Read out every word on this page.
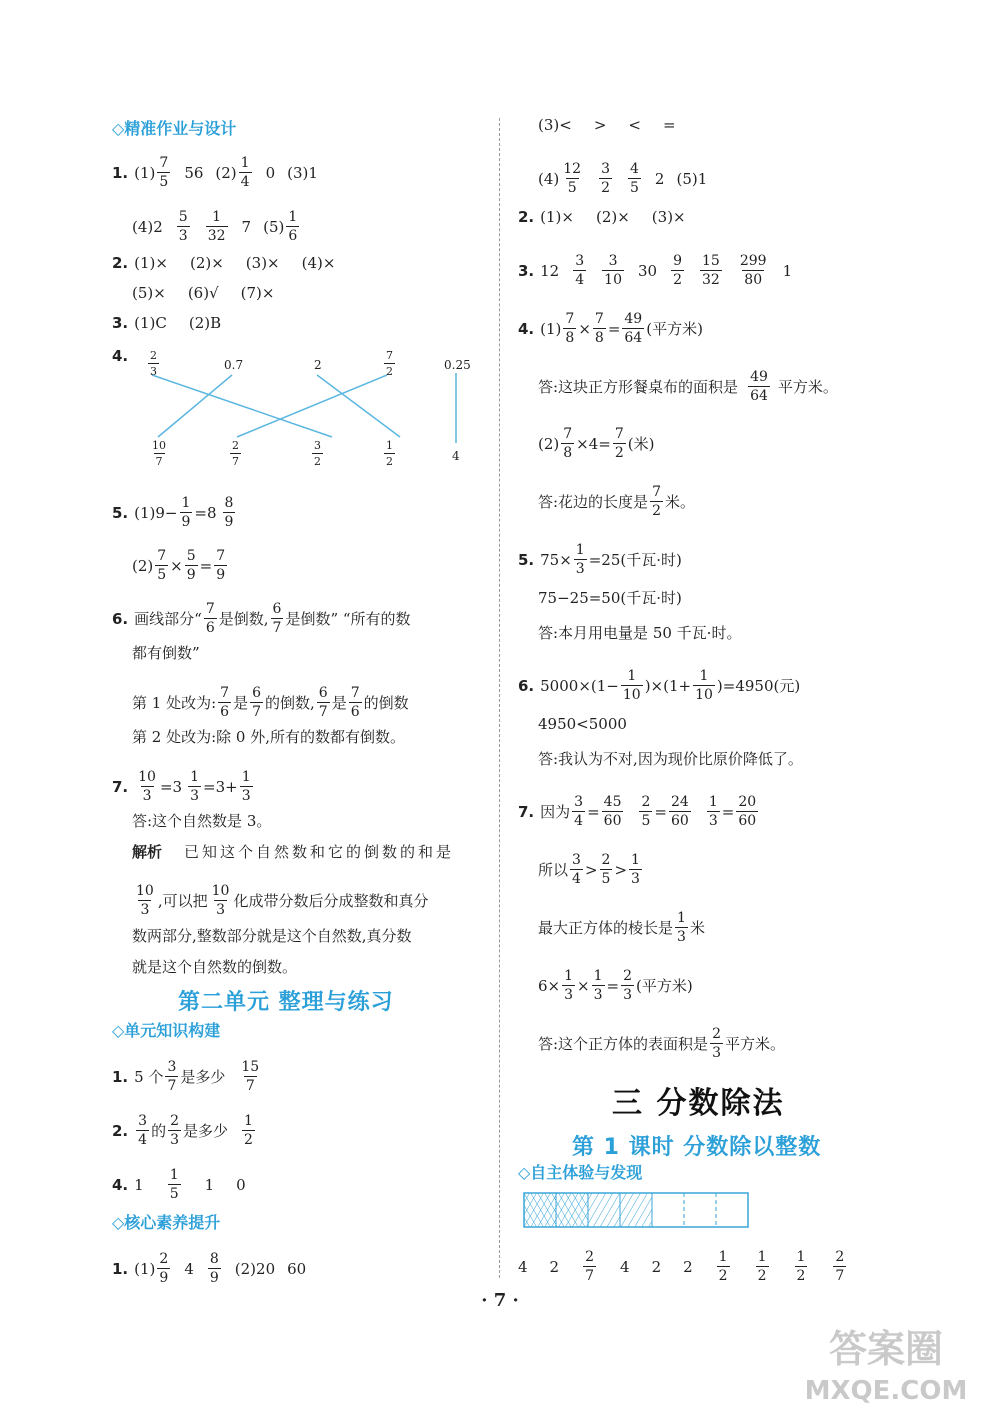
◇精准作业与设计
1. $(1) \frac{7}{5} 56$ $(2) \frac{1}{4} 0$ (3)1
$(4)2 \frac{5}{3} \frac{1}{32} 7$ $(5) \frac{1}{6}$
2. (1)× (2)× (3)× (4)×
(5)× (6)√ (7)×
3. (1)C (2)B
4. $\frac{2}{3}$	0.7	2	$\frac{7}{2}$	0.25
$\frac{10}{7}$	$\frac{2}{7}$	$\frac{3}{2}$	$\frac{1}{2}$	4
5. $(1)9- \frac{1}{9} =8 \frac{8}{9}$
$(2) \frac{7}{5} \times \frac{5}{9} = \frac{7}{9}$
6. 画线部分“ $\frac{7}{6}$ 是倒数, $\frac{6}{7}$ 是倒数” “所有的数
都有倒数”
第 1 处改为: $\frac{7}{6}$ 是 $\frac{6}{7}$ 的倒数, $\frac{6}{7}$ 是 $\frac{7}{6}$ 的倒数
第 2 处改为:除 0 外,所有的数都有倒数。
7. $\frac{10}{3} =3 \frac{1}{3} =3+ \frac{1}{3}$
答:这个自然数是 3。
解析 已知这个自然数和它的倒数的和是
$\frac{10}{3}$ ,可以把 $\frac{10}{3}$ 化成带分数后分成整数和真分
数两部分,整数部分就是这个自然数,真分数
就是这个自然数的倒数。
第二单元 整理与练习
◇单元知识构建
1. 5 个 $\frac{3}{7}$ 是多少 $\frac{15}{7}$
2. $\frac{3}{4}$ 的 $\frac{2}{3}$ 是多少 $\frac{1}{2}$
4. $1 \frac{1}{5} 1$ 0
◇核心素养提升
1. $(1) \frac{2}{9} 4 \frac{8}{9} (2)20$ 60
(3)< > < =
$(4) \frac{12}{5} \frac{3}{2} \frac{4}{5} 2$ (5)1
2. (1)× (2)× (3)×
3. $12 \frac{3}{4} \frac{3}{10} 30 \frac{9}{2} \frac{15}{32} \frac{299}{80} 1$
4. $(1) \frac{7}{8} \times \frac{7}{8} = \frac{49}{64}$ (平方米)
答:这块正方形餐桌布的面积是 $\frac{49}{64}$ 平方米。
$(2) \frac{7}{8} \times 4= \frac{7}{2}$ (米)
答:花边的长度是 $\frac{7}{2}$ 米。
5. $75\times \frac{1}{3} =25$(千瓦·时)
75−25=50(千瓦·时)
答:本月用电量是 50 千瓦·时。
6. $5000\times(1- \frac{1}{10} )\times(1+ \frac{1}{10} )=4950$(元)
4950<5000
答:我认为不对,因为现价比原价降低了。
7. 因为 $\frac{3}{4} = \frac{45}{60} \frac{2}{5} = \frac{24}{60} \frac{1}{3} = \frac{20}{60}$
所以 $\frac{3}{4} > \frac{2}{5} > \frac{1}{3}$
最大正方体的棱长是 $\frac{1}{3}$ 米
$6\times \frac{1}{3} \times \frac{1}{3} = \frac{2}{3}$ (平方米)
答:这个正方体的表面积是 $\frac{2}{3}$ 平方米。
三 分数除法
第 1 课时 分数除以整数
◇自主体验与发现
4 $2 \frac{2}{7} 4$ 2 $2 \frac{1}{2} \frac{1}{2} \frac{1}{2} \frac{2}{7}$
· 7 ·
答案圈
MXQE.COM
